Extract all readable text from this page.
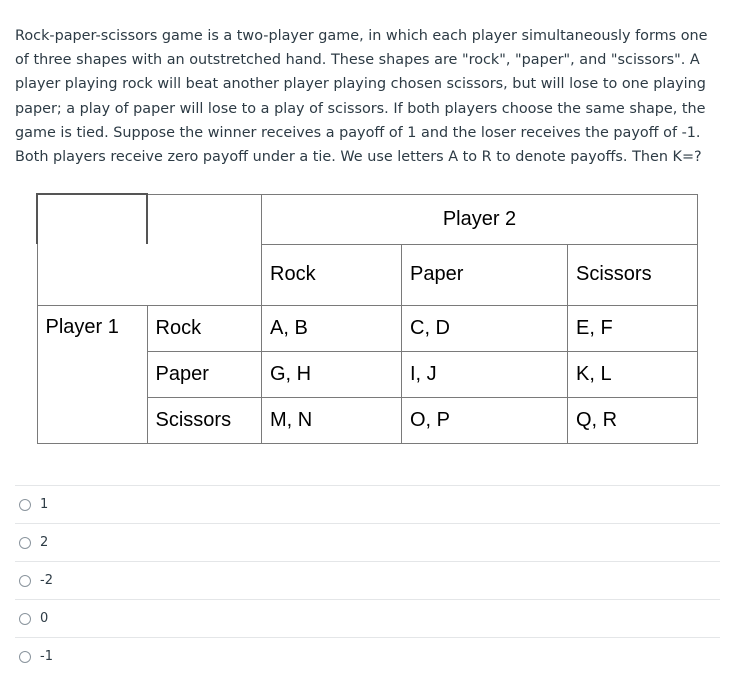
Rock-paper-scissors game is a two-player game, in which each player simultaneously forms one of three shapes with an outstretched hand. These shapes are "rock", "paper", and "scissors". A player playing rock will beat another player playing chosen scissors, but will lose to one playing paper; a play of paper will lose to a play of scissors. If both players choose the same shape, the game is tied. Suppose the winner receives a payoff of 1 and the loser receives the payoff of -1. Both players receive zero payoff under a tie. We use letters A to R to denote payoffs. Then K=?

		Player 2		
		Rock	Paper	Scissors
Player 1	Rock	A, B	C, D	E, F
	Paper	G, H	I, J	K, L
	Scissors	M, N	O, P	Q, R
1
2
-2
0
-1
